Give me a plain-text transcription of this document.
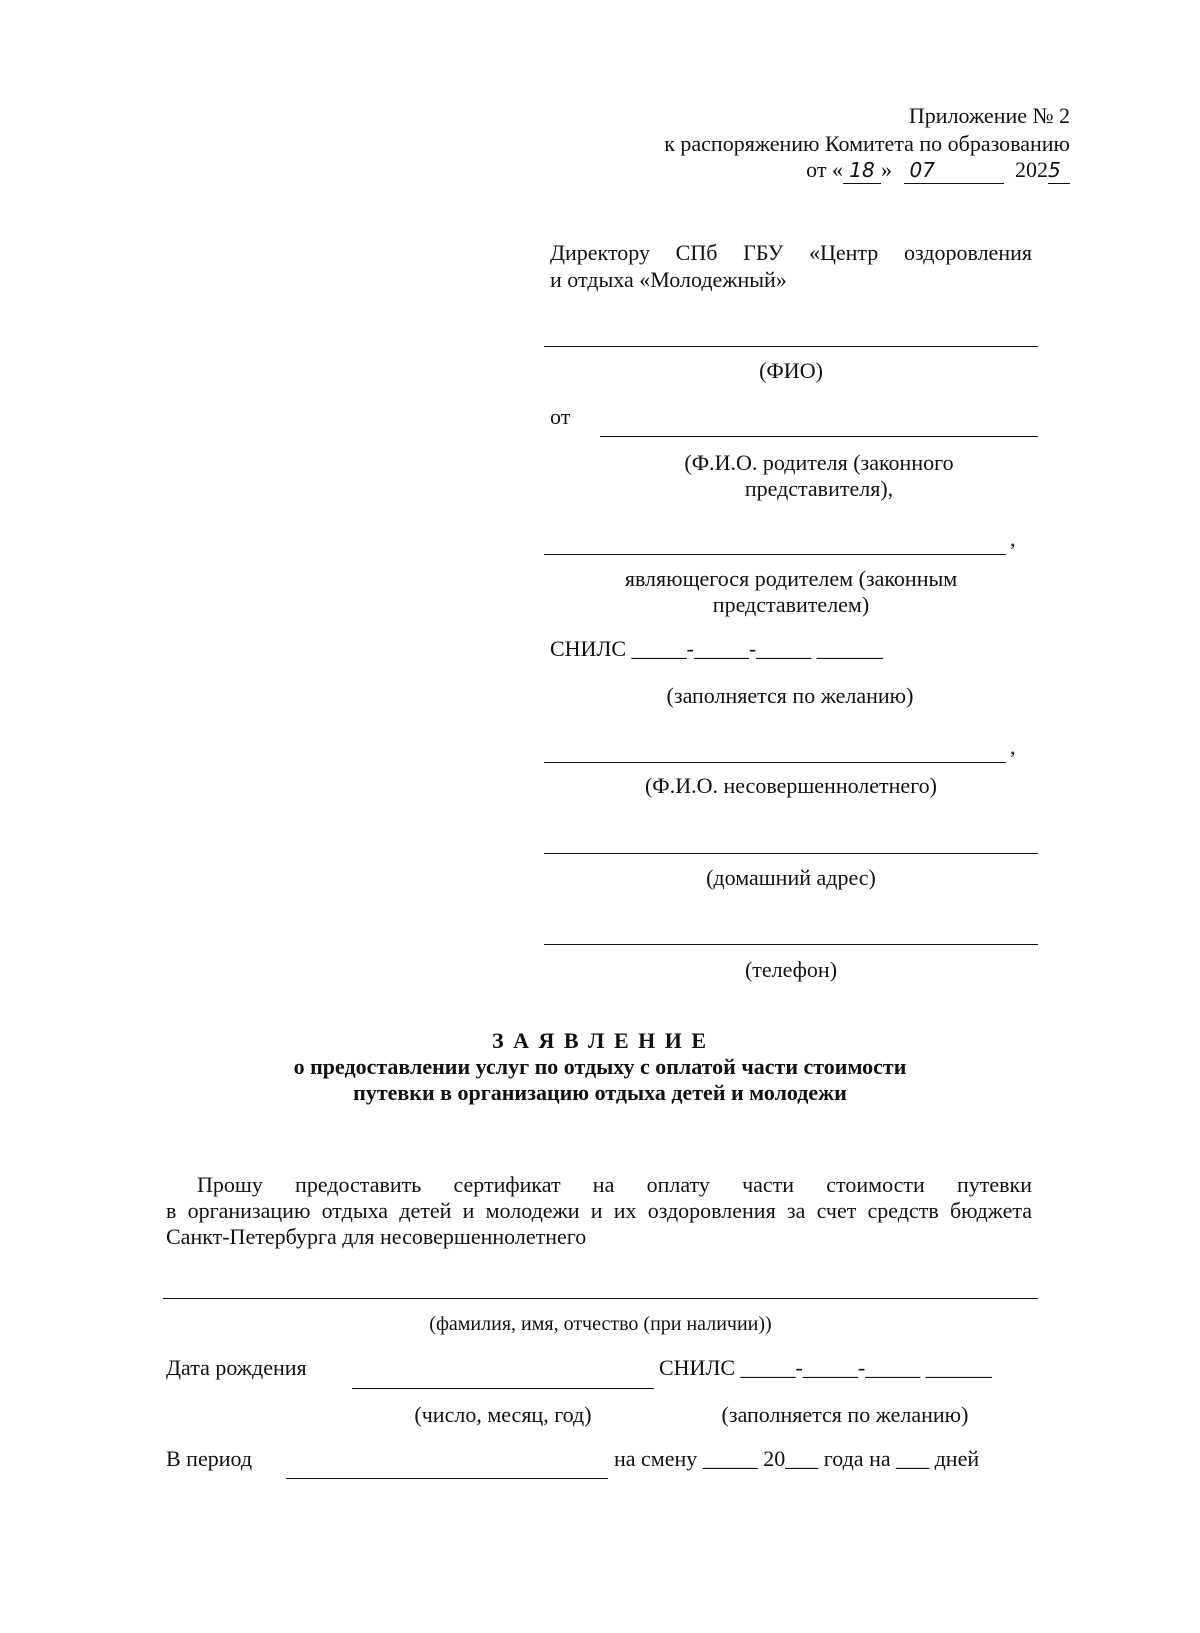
Приложение № 2
к распоряжению Комитета по образованию
от « 18 » 07	2025
Директору СПб ГБУ «Центр оздоровления
и отдыха «Молодежный»
(ФИО)
от
(Ф.И.О. родителя (законного
представителя),
,
являющегося родителем (законным
представителем)
СНИЛС _____-_____-_____ ______
(заполняется по желанию)
,
(Ф.И.О. несовершеннолетнего)
(домашний адрес)
(телефон)
З А Я В Л Е Н И Е
о предоставлении услуг по отдыху с оплатой части стоимости
путевки в организацию отдыха детей и молодежи
Прошу предоставить сертификат на оплату части стоимости путевки
в организацию отдыха детей и молодежи и их оздоровления за счет средств бюджета
Санкт-Петербурга для несовершеннолетнего
(фамилия, имя, отчество (при наличии))
Дата рождения	СНИЛС _____-_____-_____ ______
(число, месяц, год)	(заполняется по желанию)
В период	на смену _____ 20___ года на ___ дней
